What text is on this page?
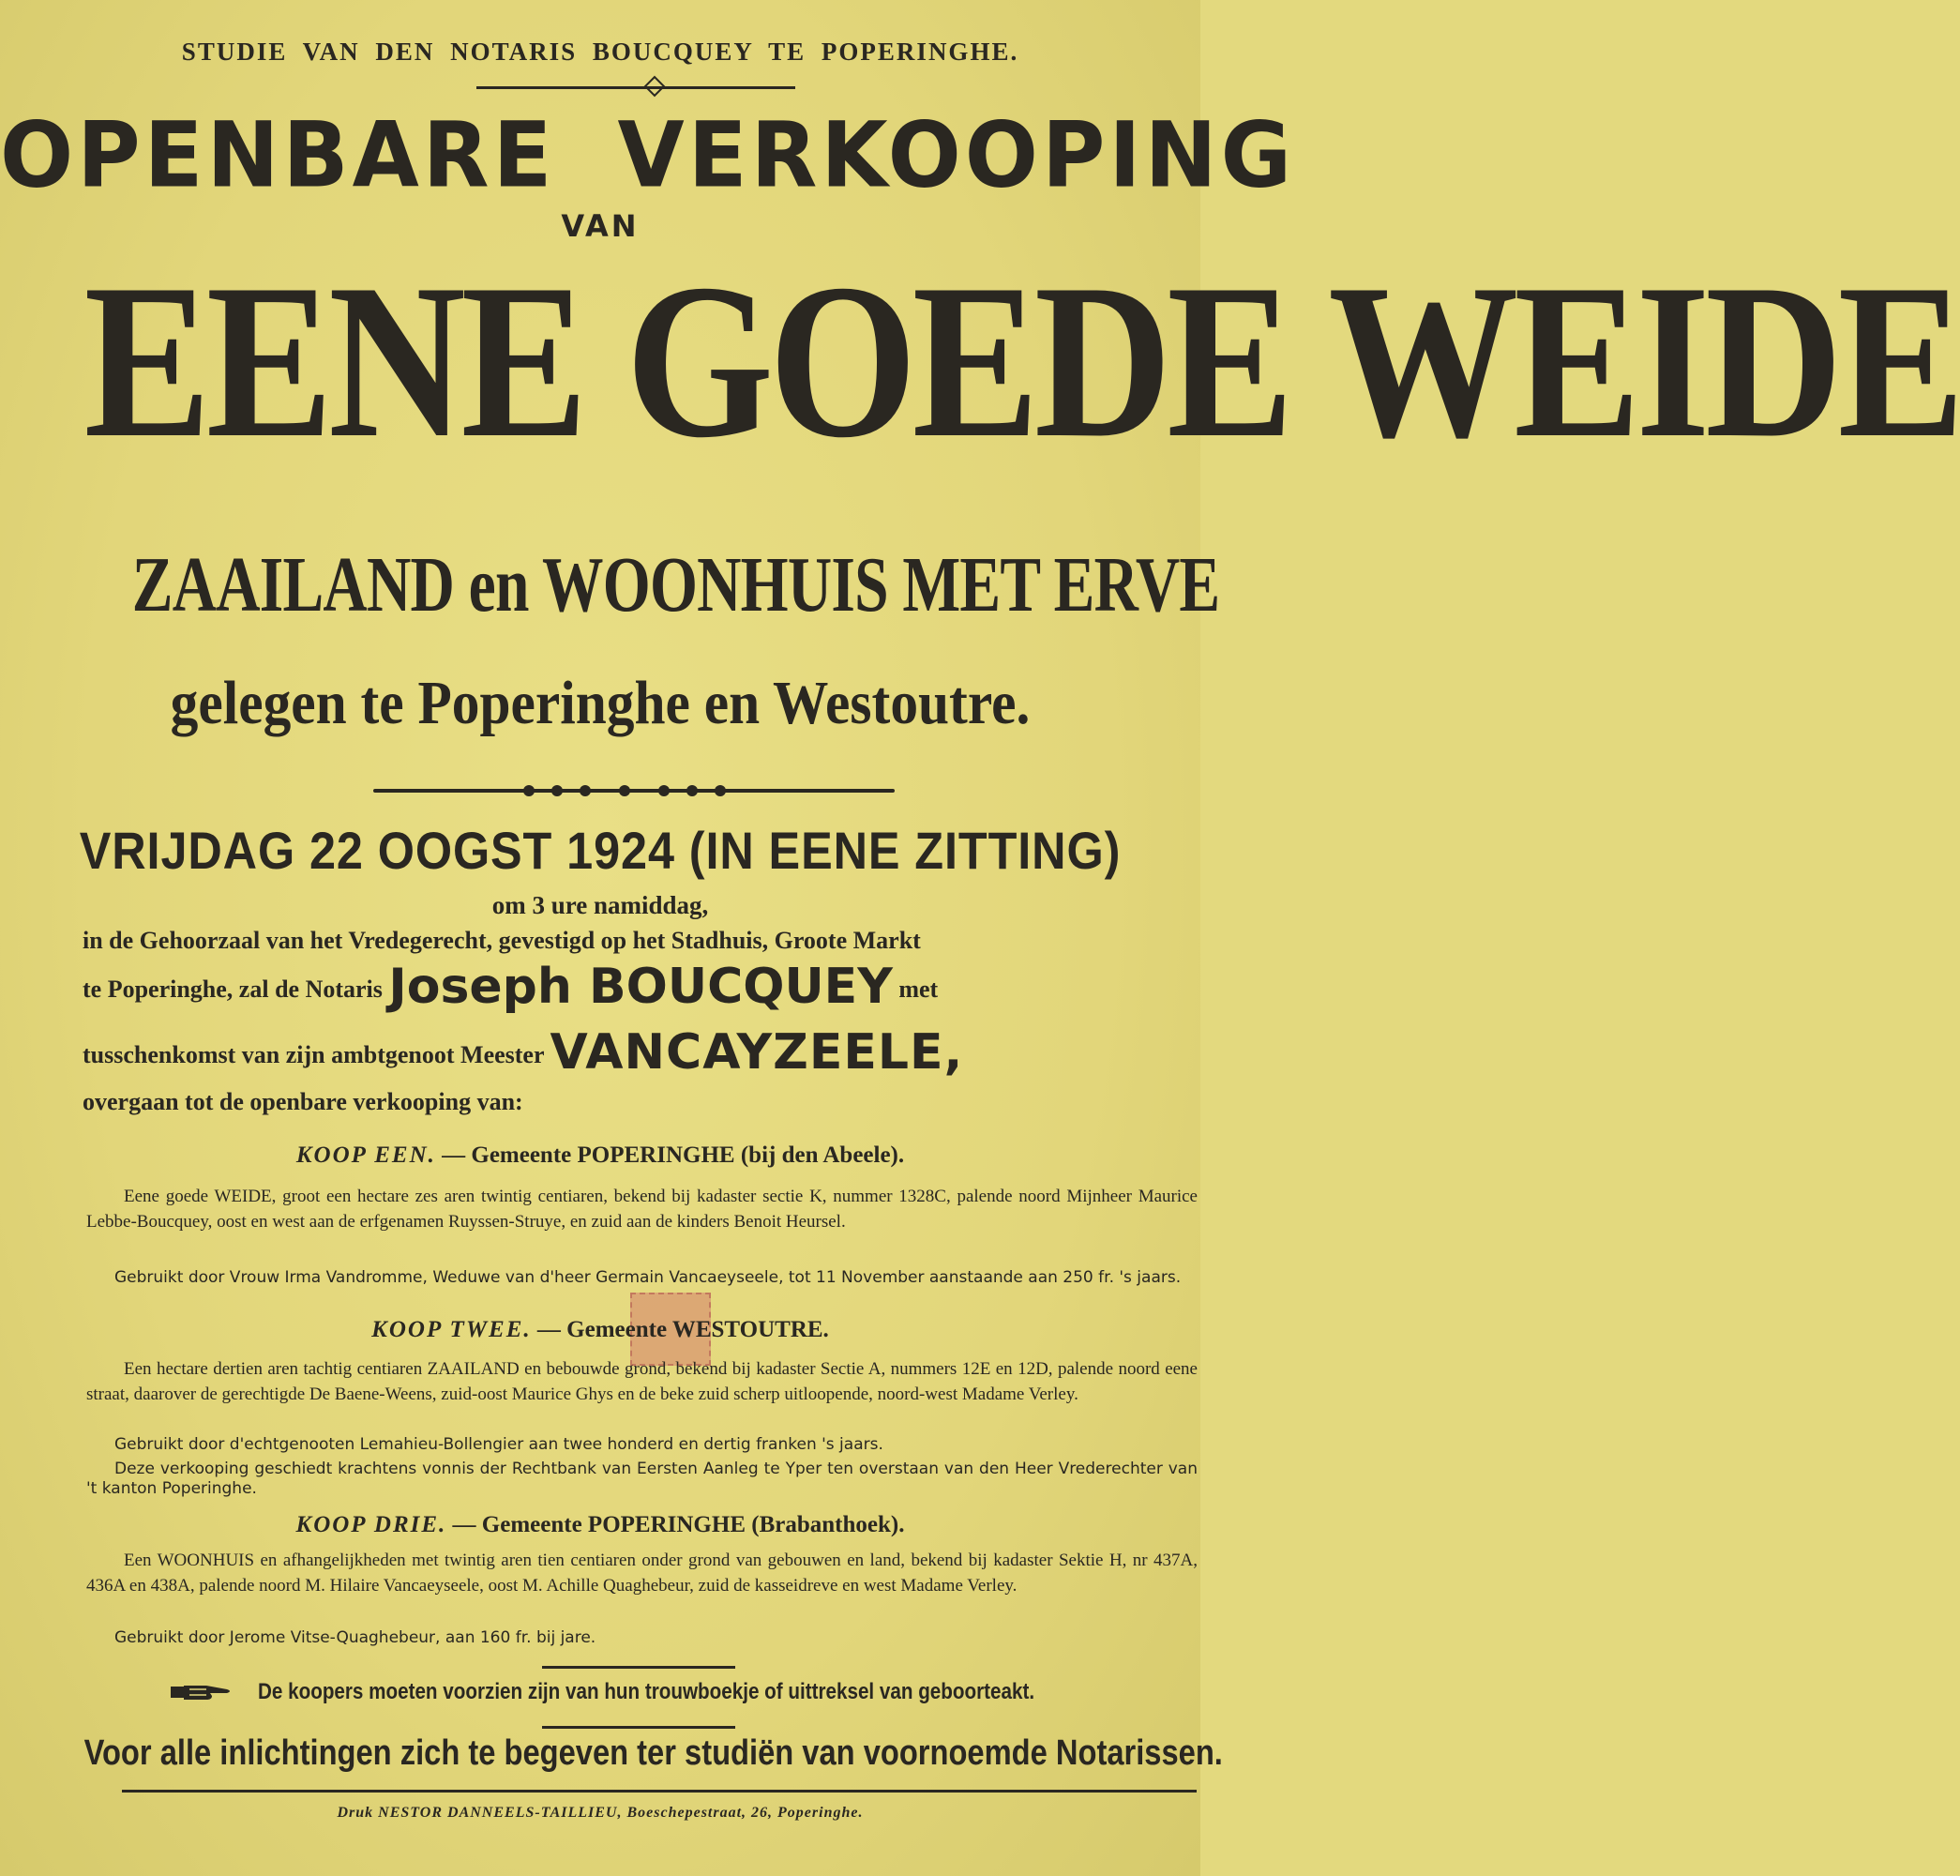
STUDIE VAN DEN NOTARIS BOUCQUEY TE POPERINGHE.
OPENBARE VERKOOPING
VAN
EENE GOEDE WEIDE
ZAAILAND en WOONHUIS MET ERVE
gelegen te Poperinghe en Westoutre.
VRIJDAG 22 OOGST 1924 (IN EENE ZITTING)
om 3 ure namiddag,
in de Gehoorzaal van het Vredegerecht, gevestigd op het Stadhuis, Groote Markt
te Poperinghe, zal de Notaris Joseph BOUCQUEY met
tusschenkomst van zijn ambtgenoot Meester VANCAYZEELE,
overgaan tot de openbare verkooping van:
KOOP EEN. — Gemeente POPERINGHE (bij den Abeele).
Eene goede WEIDE, groot een hectare zes aren twintig centiaren, bekend bij kadaster sectie K, nummer 1328C, palende noord Mijnheer Maurice Lebbe-Boucquey, oost en west aan de erfgenamen Ruyssen-Struye, en zuid aan de kinders Benoit Heursel.
Gebruikt door Vrouw Irma Vandromme, Weduwe van d'heer Germain Vancaeyseele, tot 11 November aanstaande aan 250 fr. 's jaars.
KOOP TWEE. — Gemeente WESTOUTRE.
Een hectare dertien aren tachtig centiaren ZAAILAND en bebouwde grond, bekend bij kadaster Sectie A, nummers 12E en 12D, palende noord eene straat, daarover de gerechtigde De Baene-Weens, zuid-oost Maurice Ghys en de beke zuid scherp uitloopende, noord-west Madame Verley.
Gebruikt door d'echtgenooten Lemahieu-Bollengier aan twee honderd en dertig franken 's jaars.
Deze verkooping geschiedt krachtens vonnis der Rechtbank van Eersten Aanleg te Yper ten overstaan van den Heer Vrederechter van 't kanton Poperinghe.
KOOP DRIE. — Gemeente POPERINGHE (Brabanthoek).
Een WOONHUIS en afhangelijkheden met twintig aren tien centiaren onder grond van gebouwen en land, bekend bij kadaster Sektie H, nr 437A, 436A en 438A, palende noord M. Hilaire Vancaeyseele, oost M. Achille Quaghebeur, zuid de kasseidreve en west Madame Verley.
Gebruikt door Jerome Vitse-Quaghebeur, aan 160 fr. bij jare.
De koopers moeten voorzien zijn van hun trouwboekje of uittreksel van geboorteakt.
Voor alle inlichtingen zich te begeven ter studiën van voornoemde Notarissen.
Druk NESTOR DANNEELS-TAILLIEU, Boeschepestraat, 26, Poperinghe.
